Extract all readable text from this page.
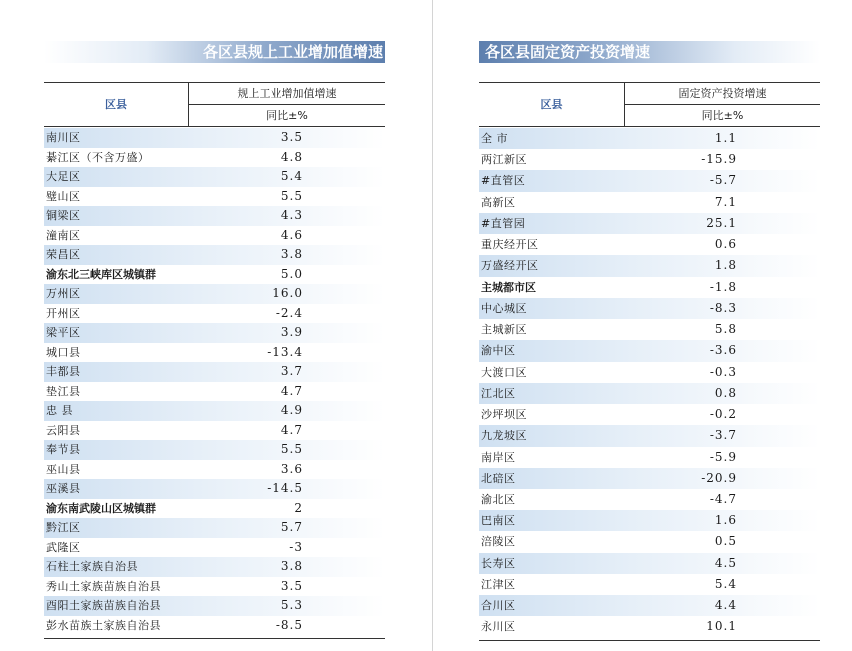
各区县规上工业增加值增速
区县
规上工业增加值增速
同比±%
南川区	3.5
綦江区（不含万盛）	4.8
大足区	5.4
璧山区	5.5
铜梁区	4.3
潼南区	4.6
荣昌区	3.8
渝东北三峡库区城镇群	5.0
万州区	16.0
开州区	-2.4
梁平区	3.9
城口县	-13.4
丰都县	3.7
垫江县	4.7
忠 县	4.9
云阳县	4.7
奉节县	5.5
巫山县	3.6
巫溪县	-14.5
渝东南武陵山区城镇群	2
黔江区	5.7
武隆区	-3
石柱土家族自治县	3.8
秀山土家族苗族自治县	3.5
酉阳土家族苗族自治县	5.3
彭水苗族土家族自治县	-8.5
各区县固定资产投资增速
区县
固定资产投资增速
同比±%
全 市	1.1
两江新区	-15.9
#直管区	-5.7
高新区	7.1
#直管园	25.1
重庆经开区	0.6
万盛经开区	1.8
主城都市区	-1.8
中心城区	-8.3
主城新区	5.8
渝中区	-3.6
大渡口区	-0.3
江北区	0.8
沙坪坝区	-0.2
九龙坡区	-3.7
南岸区	-5.9
北碚区	-20.9
渝北区	-4.7
巴南区	1.6
涪陵区	0.5
长寿区	4.5
江津区	5.4
合川区	4.4
永川区	10.1
